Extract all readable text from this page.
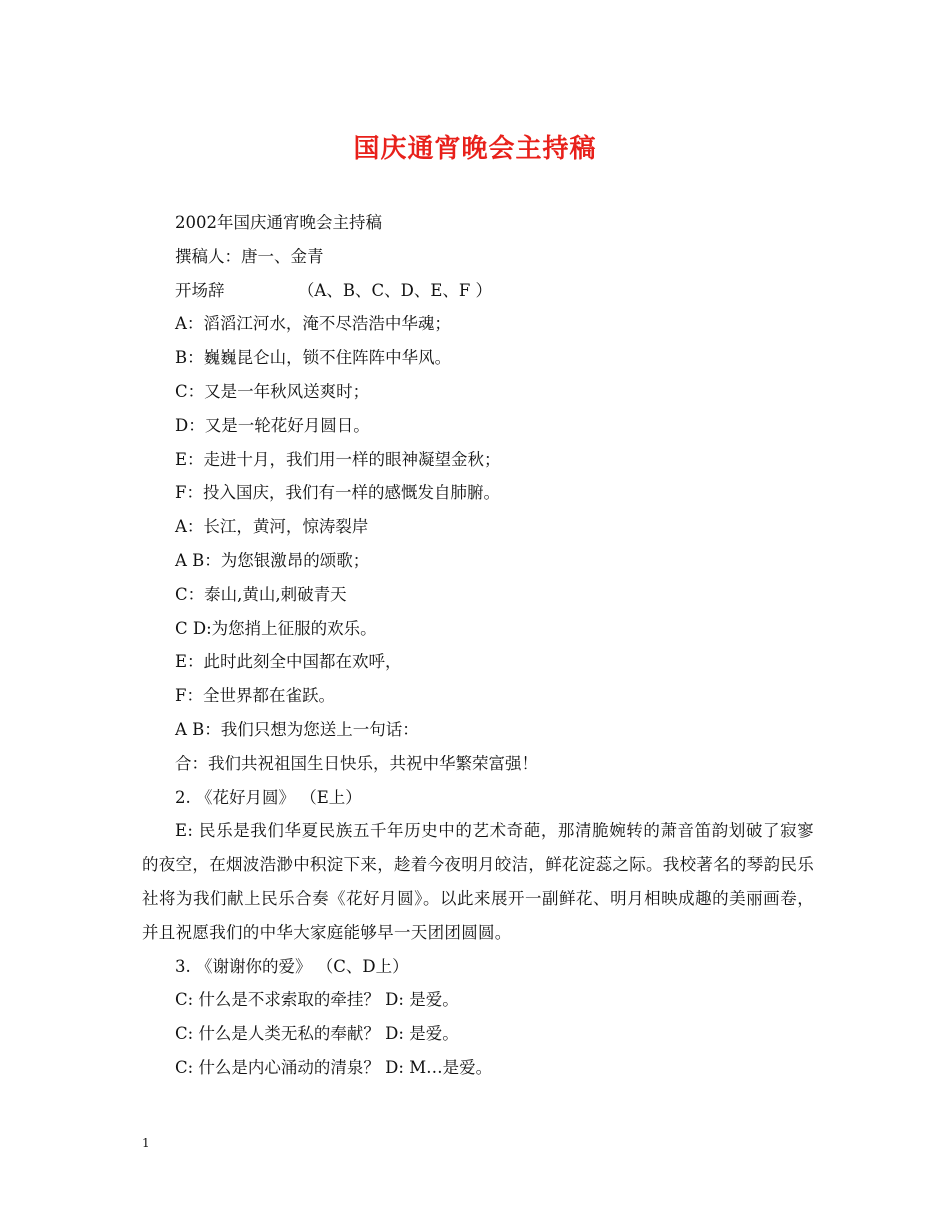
国庆通宵晚会主持稿
2002年国庆通宵晚会主持稿
撰稿人：唐一、金青
开场辞              （A、B、C、D、E、F ）
A：滔滔江河水，淹不尽浩浩中华魂；
B：巍巍昆仑山，锁不住阵阵中华风。
C：又是一年秋风送爽时；
D：又是一轮花好月圆日。
E：走进十月，我们用一样的眼神凝望金秋；
F：投入国庆，我们有一样的感慨发自肺腑。
A：长江，黄河，惊涛裂岸
A B：为您银激昂的颂歌；
C：泰山,黄山,刺破青天
C D:为您捎上征服的欢乐。
E：此时此刻全中国都在欢呼，
F：全世界都在雀跃。
A B：我们只想为您送上一句话：
合：我们共祝祖国生日快乐，共祝中华繁荣富强！
2. 《花好月圆》 （E上）
E: 民乐是我们华夏民族五千年历史中的艺术奇葩，那清脆婉转的萧音笛韵划破了寂寥的夜空，在烟波浩渺中积淀下来，趁着今夜明月皎洁，鲜花淀蕊之际。我校著名的琴韵民乐社将为我们献上民乐合奏《花好月圆》。以此来展开一副鲜花、明月相映成趣的美丽画卷，并且祝愿我们的中华大家庭能够早一天团团圆圆。
3. 《谢谢你的爱》 （C、D上）
C: 什么是不求索取的牵挂？ D: 是爱。
C: 什么是人类无私的奉献？ D: 是爱。
C: 什么是内心涌动的清泉？ D: M…是爱。
1
